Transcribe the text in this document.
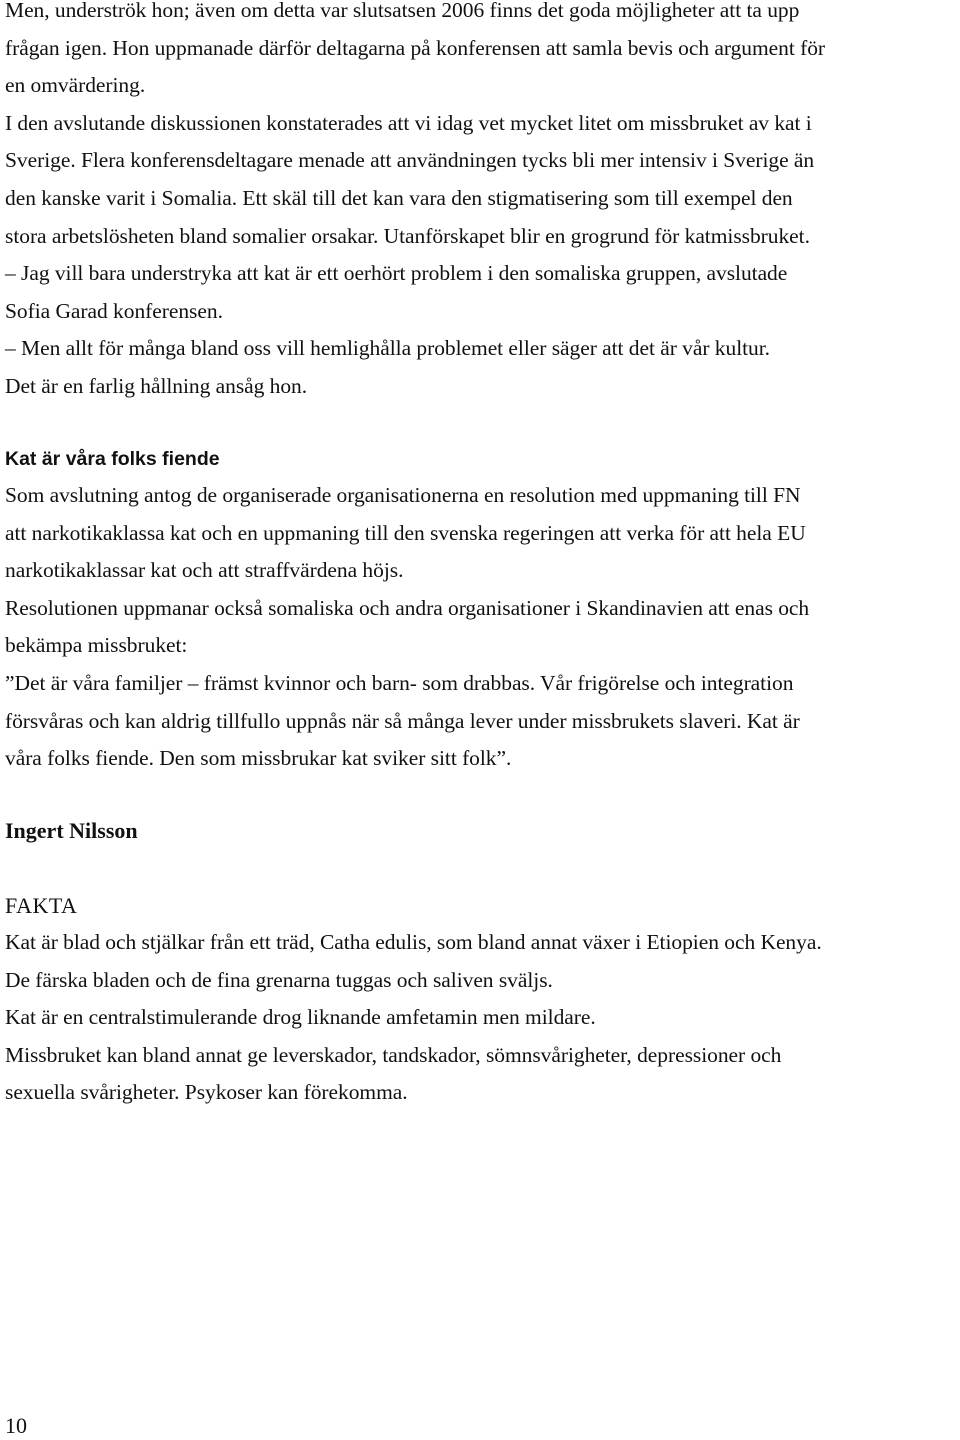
Men, underströk hon; även om detta var slutsatsen 2006 finns det goda möjligheter att ta upp
frågan igen. Hon uppmanade därför deltagarna på konferensen att samla bevis och argument för
en omvärdering.
I den avslutande diskussionen konstaterades att vi idag vet mycket litet om missbruket av kat i
Sverige. Flera konferensdeltagare menade att användningen tycks bli mer intensiv i Sverige än
den kanske varit i Somalia. Ett skäl till det kan vara den stigmatisering som till exempel den
stora arbetslösheten bland somalier orsakar. Utanförskapet blir en grogrund för katmissbruket.
– Jag vill bara understryka att kat är ett oerhört problem i den somaliska gruppen, avslutade
Sofia Garad konferensen.
– Men allt för många bland oss vill hemlighålla problemet eller säger att det är vår kultur.
Det är en farlig hållning ansåg hon.
Kat är våra folks fiende
Som avslutning antog de organiserade organisationerna en resolution med uppmaning till FN
att narkotikaklassa kat och en uppmaning till den svenska regeringen att verka för att hela EU
narkotikaklassar kat och att straffvärdena höjs.
Resolutionen uppmanar också somaliska och andra organisationer i Skandinavien att enas och
bekämpa missbruket:
”Det är våra familjer – främst kvinnor och barn- som drabbas. Vår frigörelse och integration
försvåras och kan aldrig tillfullo uppnås när så många lever under missbrukets slaveri. Kat är
våra folks fiende. Den som missbrukar kat sviker sitt folk”.

Ingert Nilsson

FAKTA

Kat är blad och stjälkar från ett träd, Catha edulis, som bland annat växer i Etiopien och Kenya.
De färska bladen och de fina grenarna tuggas och saliven sväljs.
Kat är en centralstimulerande drog liknande amfetamin men mildare.
Missbruket kan bland annat ge leverskador, tandskador, sömnsvårigheter, depressioner och
sexuella svårigheter. Psykoser kan förekomma.

10
